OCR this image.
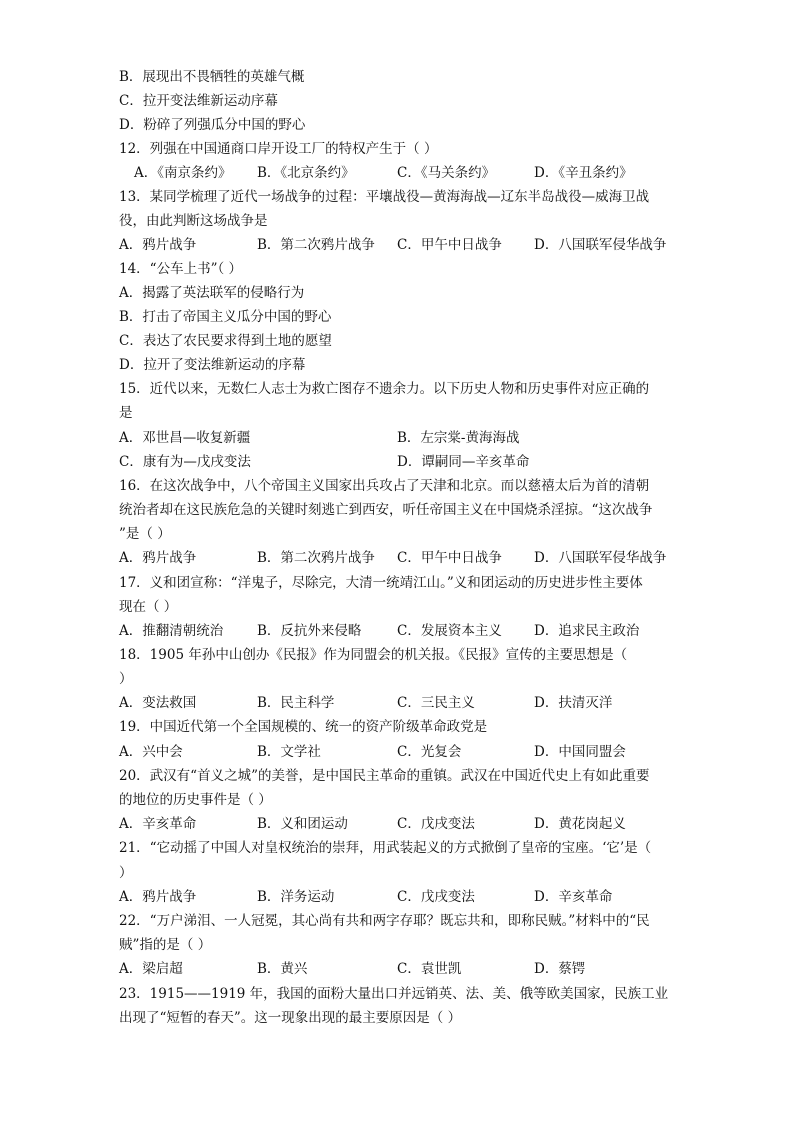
B．展现出不畏牺牲的英雄气概
C．拉开变法维新运动序幕
D．粉碎了列强瓜分中国的野心
12．列强在中国通商口岸开设工厂的特权产生于（ ）
A．《南京条约》 B．《北京条约》	C．《马关条约》	D．《辛丑条约》
13．某同学梳理了近代一场战争的过程：平壤战役—黄海海战—辽东半岛战役—威海卫战
役，由此判断这场战争是
A．鸦片战争	B．第二次鸦片战争 C．甲午中日战争 D．八国联军侵华战争
14．“公车上书”（ ）
A．揭露了英法联军的侵略行为
B．打击了帝国主义瓜分中国的野心
C．表达了农民要求得到土地的愿望
D．拉开了变法维新运动的序幕
15．近代以来，无数仁人志士为救亡图存不遗余力。以下历史人物和历史事件对应正确的
是
A．邓世昌—收复新疆	B．左宗棠-黄海海战
C．康有为—戊戌变法	D．谭嗣同—辛亥革命
16．在这次战争中，八个帝国主义国家出兵攻占了天津和北京。而以慈禧太后为首的清朝
统治者却在这民族危急的关键时刻逃亡到西安，听任帝国主义在中国烧杀淫掠。“这次战争
”是（ ）
A．鸦片战争	B．第二次鸦片战争 C．甲午中日战争 D．八国联军侵华战争
17．义和团宣称：“洋鬼子，尽除完，大清一统靖江山。”义和团运动的历史进步性主要体
现在（ ）
A．推翻清朝统治	B．反抗外来侵略	C．发展资本主义 D．追求民主政治
18．1905 年孙中山创办《民报》作为同盟会的机关报。《民报》宣传的主要思想是（
）
A．变法救国	B．民主科学	C．三民主义	D．扶清灭洋
19．中国近代第一个全国规模的、统一的资产阶级革命政党是
A．兴中会	B．文学社	C．光复会	D．中国同盟会
20．武汉有“首义之城”的美誉，是中国民主革命的重镇。武汉在中国近代史上有如此重要
的地位的历史事件是（ ）
A．辛亥革命	B．义和团运动	C．戊戌变法	D．黄花岗起义
21．“它动摇了中国人对皇权统治的崇拜，用武装起义的方式掀倒了皇帝的宝座。‘它’是（
）
A．鸦片战争	B．洋务运动	C．戊戌变法	D．辛亥革命
22．“万户涕泪、一人冠冕，其心尚有共和两字存耶？既忘共和，即称民贼。”材料中的“民
贼”指的是（ ）
A．梁启超	B．黄兴	C．袁世凯	D．蔡锷
23．1915——1919 年，我国的面粉大量出口并远销英、法、美、俄等欧美国家，民族工业
出现了“短暂的春天”。这一现象出现的最主要原因是（ ）
